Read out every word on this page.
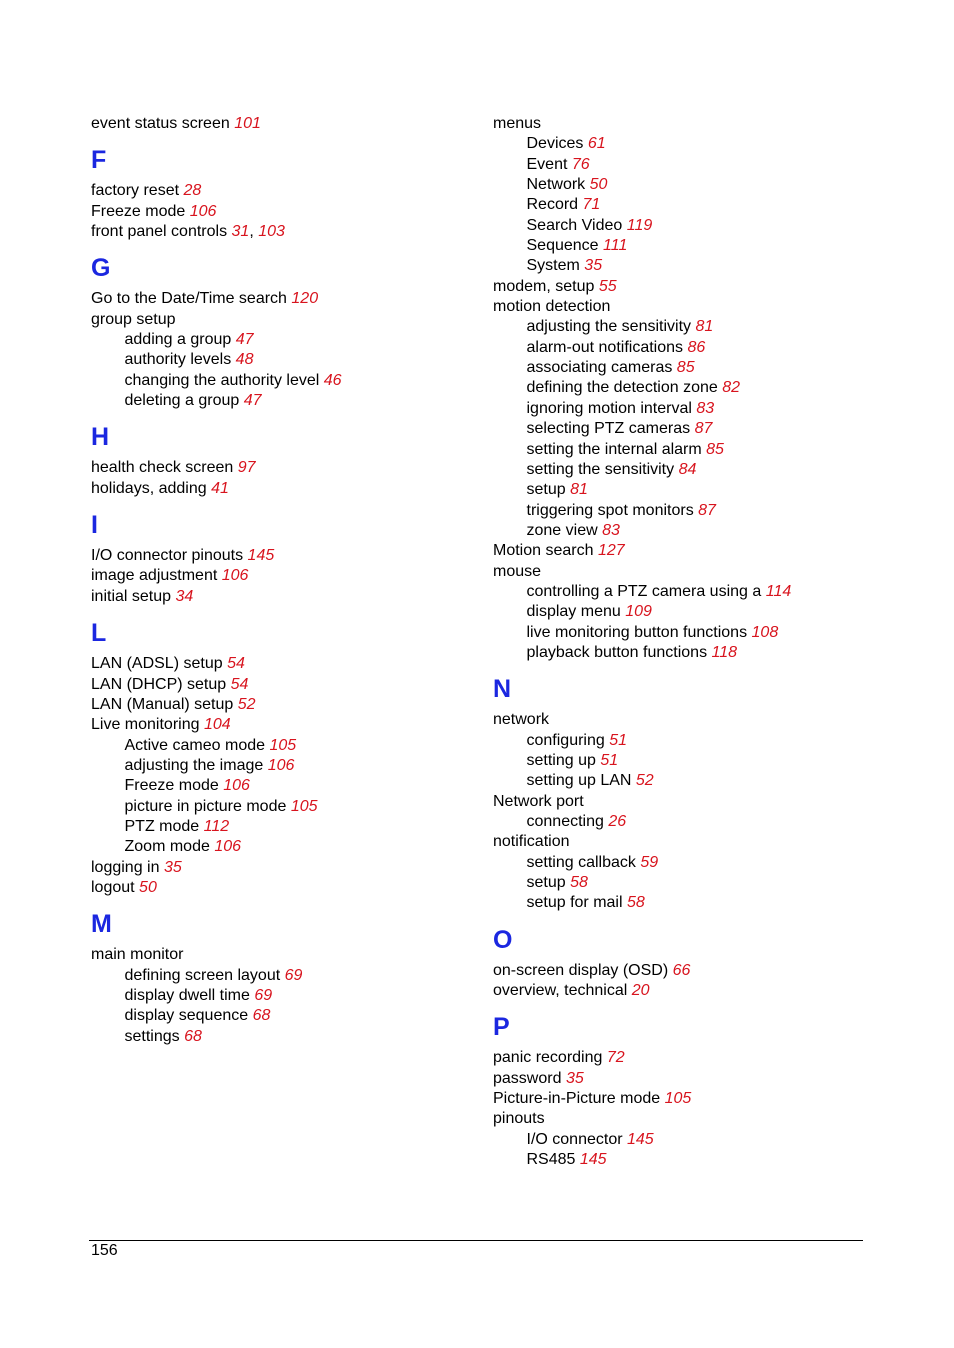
event status screen 101
F
factory reset 28
Freeze mode 106
front panel controls 31, 103
G
Go to the Date/Time search 120
group setup
adding a group 47
authority levels 48
changing the authority level 46
deleting a group 47
H
health check screen 97
holidays, adding 41
I
I/O connector pinouts 145
image adjustment 106
initial setup 34
L
LAN (ADSL) setup 54
LAN (DHCP) setup 54
LAN (Manual) setup 52
Live monitoring 104
Active cameo mode 105
adjusting the image 106
Freeze mode 106
picture in picture mode 105
PTZ mode 112
Zoom mode 106
logging in 35
logout 50
M
main monitor
defining screen layout 69
display dwell time 69
display sequence 68
settings 68
menus
Devices 61
Event 76
Network 50
Record 71
Search Video 119
Sequence 111
System 35
modem, setup 55
motion detection
adjusting the sensitivity 81
alarm-out notifications 86
associating cameras 85
defining the detection zone 82
ignoring motion interval 83
selecting PTZ cameras 87
setting the internal alarm 85
setting the sensitivity 84
setup 81
triggering spot monitors 87
zone view 83
Motion search 127
mouse
controlling a PTZ camera using a 114
display menu 109
live monitoring button functions 108
playback button functions 118
N
network
configuring 51
setting up 51
setting up LAN 52
Network port
connecting 26
notification
setting callback 59
setup 58
setup for mail 58
O
on-screen display (OSD) 66
overview, technical 20
P
panic recording 72
password 35
Picture-in-Picture mode 105
pinouts
I/O connector 145
RS485 145
156
